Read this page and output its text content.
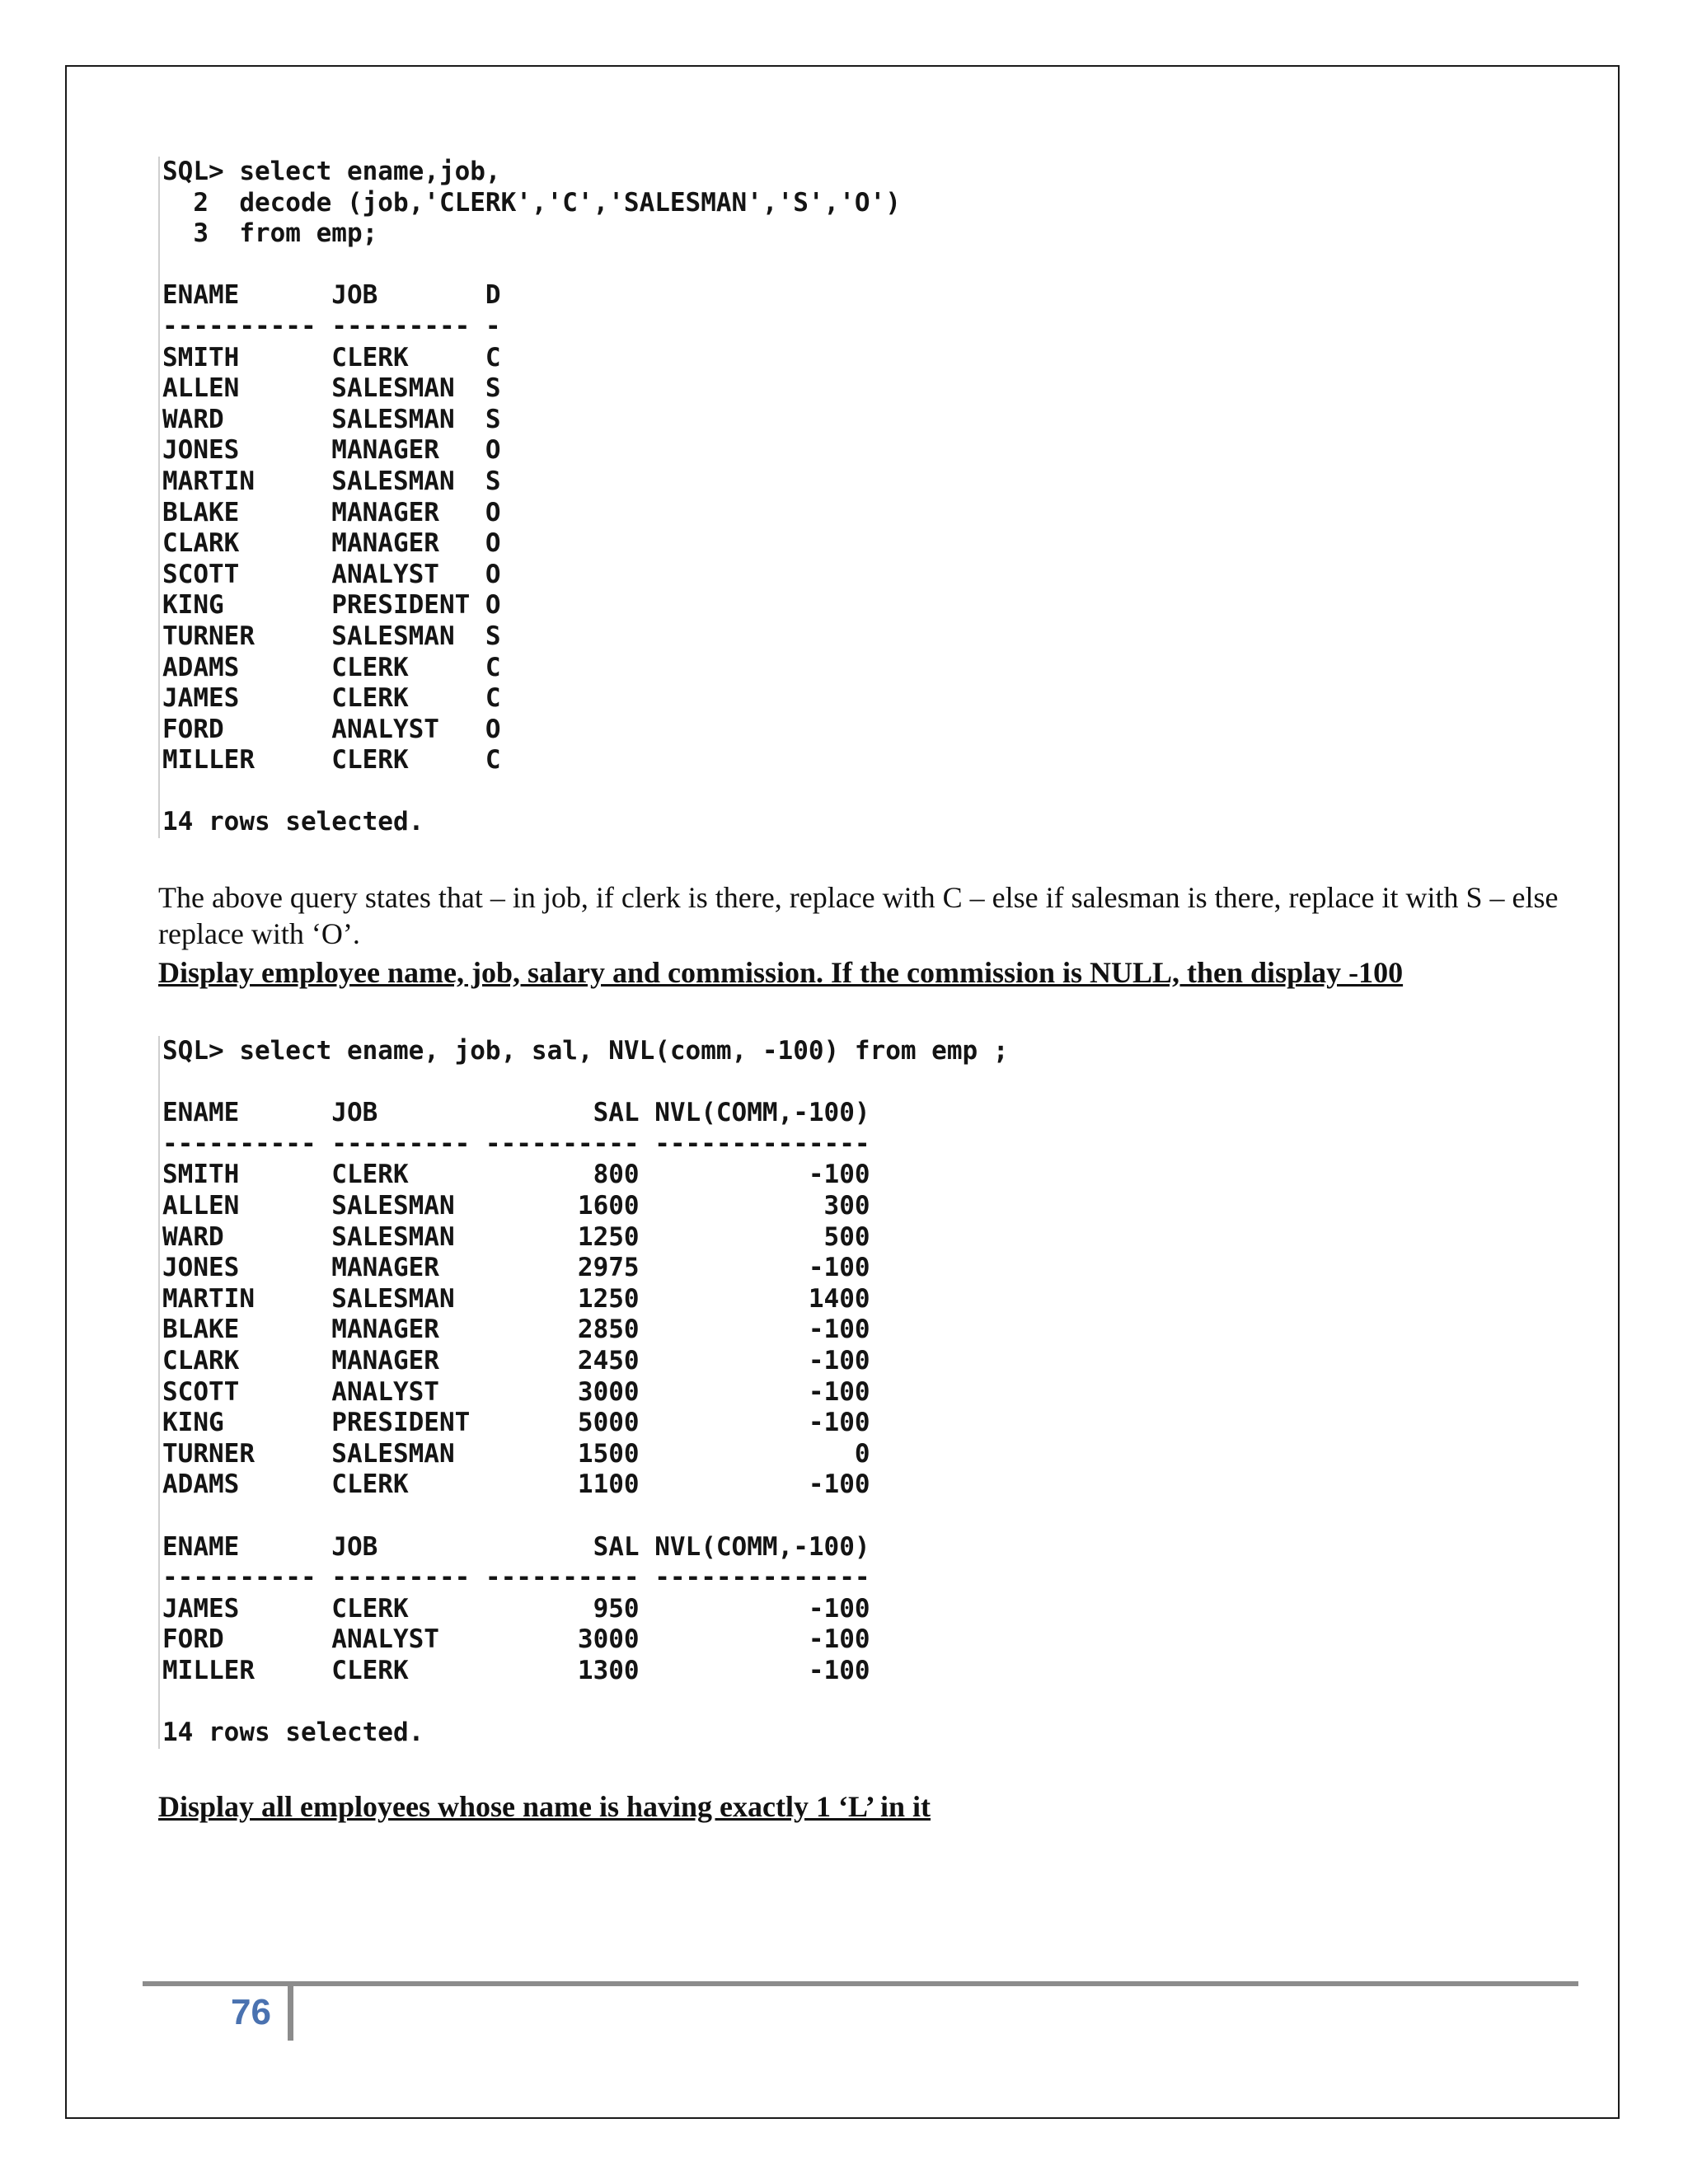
SQL> select ename,job,
2  decode (job,'CLERK','C','SALESMAN','S','O')
3  from emp;
ENAME      JOB       D
---------- --------- -
SMITH      CLERK     C
ALLEN      SALESMAN  S
WARD       SALESMAN  S
JONES      MANAGER   O
MARTIN     SALESMAN  S
BLAKE      MANAGER   O
CLARK      MANAGER   O
SCOTT      ANALYST   O
KING       PRESIDENT O
TURNER     SALESMAN  S
ADAMS      CLERK     C
JAMES      CLERK     C
FORD       ANALYST   O
MILLER     CLERK     C
14 rows selected.

The above query states that – in job, if clerk is there, replace with C – else if salesman is there, replace it with S – else replace with ‘O’.

Display employee name, job, salary and commission. If the commission is NULL, then display -100

SQL> select ename, job, sal, NVL(comm, -100) from emp ;
ENAME      JOB              SAL NVL(COMM,-100)
---------- --------- ---------- --------------
SMITH      CLERK            800           -100
ALLEN      SALESMAN        1600            300
WARD       SALESMAN        1250            500
JONES      MANAGER         2975           -100
MARTIN     SALESMAN        1250           1400
BLAKE      MANAGER         2850           -100
CLARK      MANAGER         2450           -100
SCOTT      ANALYST         3000           -100
KING       PRESIDENT       5000           -100
TURNER     SALESMAN        1500              0
ADAMS      CLERK           1100           -100
ENAME      JOB              SAL NVL(COMM,-100)
---------- --------- ---------- --------------
JAMES      CLERK            950           -100
FORD       ANALYST         3000           -100
MILLER     CLERK           1300           -100
14 rows selected.

Display all employees whose name is having exactly 1 ‘L’ in it

76
